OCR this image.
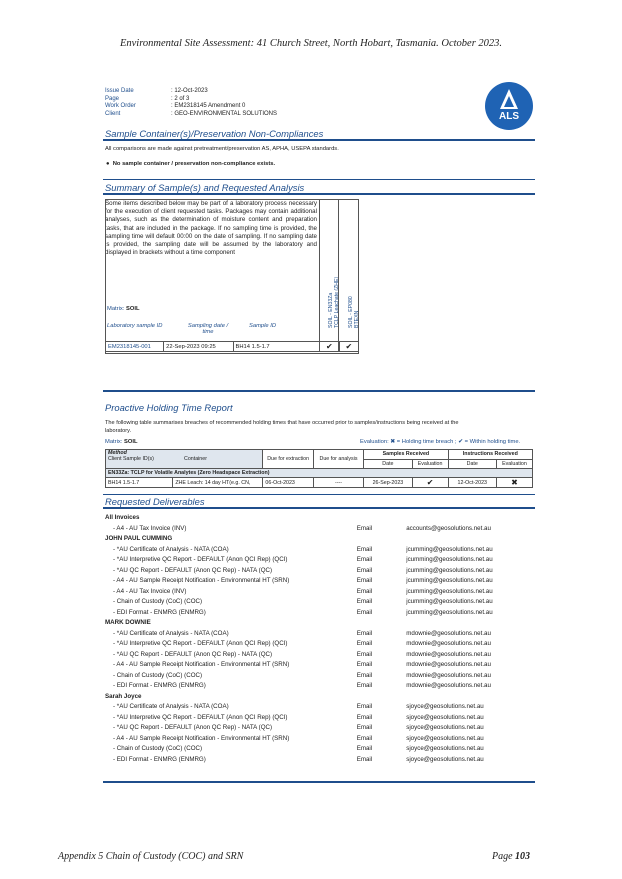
Environmental Site Assessment: 41 Church Street, North Hobart, Tasmania. October 2023.
Issue Date	: 12-Oct-2023
Page	: 2 of 3
Work Order	: EM2318145 Amendment 0
Client	: GEO-ENVIRONMENTAL SOLUTIONS	ALS
Sample Container(s)/Preservation Non-Compliances
All comparisons are made against pretreatment/preservation AS, APHA, USEPA standards.
●  No sample container / preservation non-compliance exists.
Summary of Sample(s) and Requested Analysis
Some items described below may be part of a laboratory process necessary for the execution of client requested tasks. Packages may contain additional analyses, such as the determination of moisture content and preparation tasks, that are included in the package. If no sampling time is provided, the sampling time will default 00:00 on the date of sampling. If no sampling date is provided, the sampling date will be assumed by the laboratory and displayed in brackets without a time component
SOIL - EN33Za
TCLP Leachate (ZHE) SOIL - EP080
BTEXN
Matrix: SOIL
Laboratory sample ID	Sampling date / time
Sample ID
EM2318145-001	22-Sep-2023 09:25	BH14 1.5-1.7	✔	✔
Proactive Holding Time Report
The following table summarises breaches of recommended holding times that have occurred prior to samples/instructions being received at the laboratory.
Matrix: SOIL	Evaluation: ✖ = Holding time breach ; ✔ = Within holding time.
Method
Client Sample ID(s) Container		Due for extraction	Due for analysis	Samples Received		Instructions Received	
				Date	Evaluation	Date	Evaluation
EN33Za: TCLP for Volatile Analytes (Zero Headspace Extraction)							
BH14 1.5-1.7	ZHE Leach: 14 day HT(e.g. CN,	06-Oct-2023	----	26-Sep-2023	✔	12-Oct-2023	✖
Requested Deliverables
All Invoices
- A4 - AU Tax Invoice (INV)	Email	accounts@geosolutions.net.au
JOHN PAUL CUMMING
- *AU Certificate of Analysis - NATA (COA)	Email	jcumming@geosolutions.net.au
- *AU Interpretive QC Report - DEFAULT (Anon QCI Rep) (QCI)	Email	jcumming@geosolutions.net.au
- *AU QC Report - DEFAULT (Anon QC Rep) - NATA (QC)	Email	jcumming@geosolutions.net.au
- A4 - AU Sample Receipt Notification - Environmental HT (SRN)	Email	jcumming@geosolutions.net.au
- A4 - AU Tax Invoice (INV)	Email	jcumming@geosolutions.net.au
- Chain of Custody (CoC) (COC)	Email	jcumming@geosolutions.net.au
- EDI Format - ENMRG (ENMRG)	Email	jcumming@geosolutions.net.au
MARK DOWNIE
- *AU Certificate of Analysis - NATA (COA)	Email	mdownie@geosolutions.net.au
- *AU Interpretive QC Report - DEFAULT (Anon QCI Rep) (QCI)	Email	mdownie@geosolutions.net.au
- *AU QC Report - DEFAULT (Anon QC Rep) - NATA (QC)	Email	mdownie@geosolutions.net.au
- A4 - AU Sample Receipt Notification - Environmental HT (SRN)	Email	mdownie@geosolutions.net.au
- Chain of Custody (CoC) (COC)	Email	mdownie@geosolutions.net.au
- EDI Format - ENMRG (ENMRG)	Email	mdownie@geosolutions.net.au
Sarah Joyce
- *AU Certificate of Analysis - NATA (COA)	Email	sjoyce@geosolutions.net.au
- *AU Interpretive QC Report - DEFAULT (Anon QCI Rep) (QCI)	Email	sjoyce@geosolutions.net.au
- *AU QC Report - DEFAULT (Anon QC Rep) - NATA (QC)	Email	sjoyce@geosolutions.net.au
- A4 - AU Sample Receipt Notification - Environmental HT (SRN)	Email	sjoyce@geosolutions.net.au
- Chain of Custody (CoC) (COC)	Email	sjoyce@geosolutions.net.au
- EDI Format - ENMRG (ENMRG)	Email	sjoyce@geosolutions.net.au
Appendix 5 Chain of Custody (COC) and SRN	Page 103
